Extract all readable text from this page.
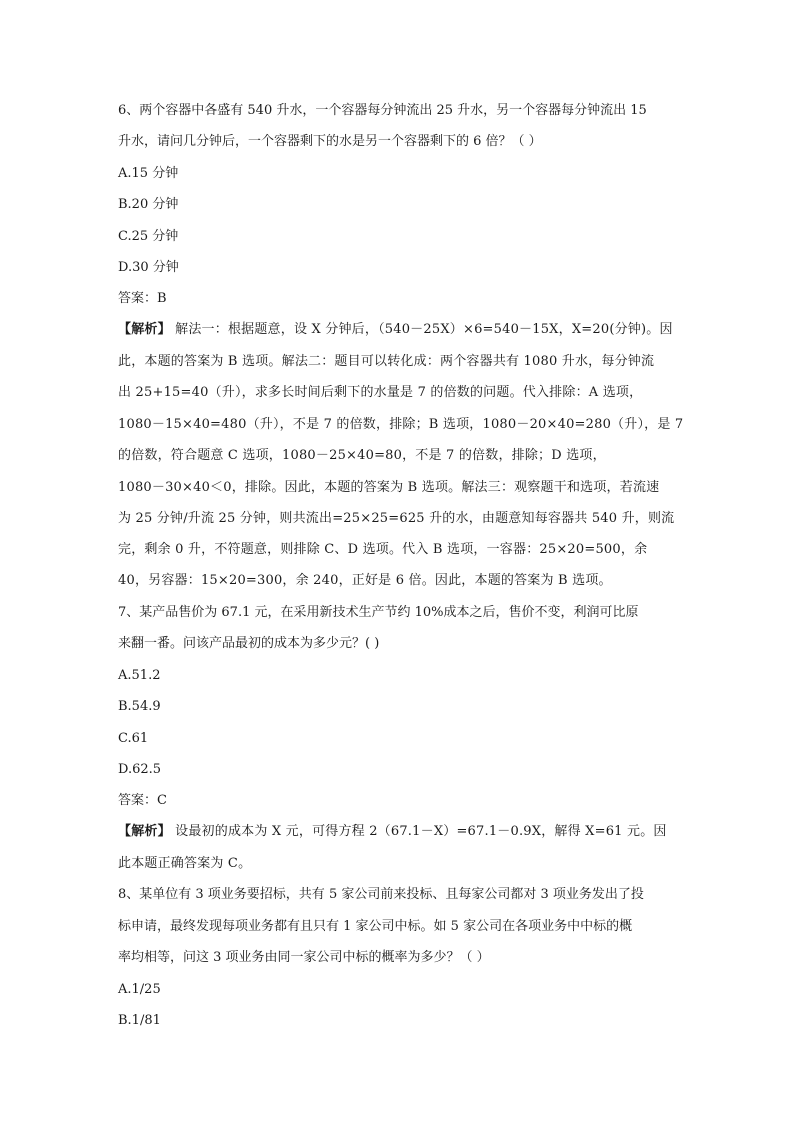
6、两个容器中各盛有 540 升水，一个容器每分钟流出 25 升水，另一个容器每分钟流出 15
升水，请问几分钟后，一个容器剩下的水是另一个容器剩下的 6 倍？（ ）
A.15 分钟
B.20 分钟
C.25 分钟
D.30 分钟
答案：B
【解析】 解法一：根据题意，设 X 分钟后，（540－25X）×6=540－15X，X=20(分钟)。因
此，本题的答案为 B 选项。解法二：题目可以转化成：两个容器共有 1080 升水，每分钟流
出 25+15=40（升），求多长时间后剩下的水量是 7 的倍数的问题。代入排除：A 选项，
1080－15×40=480（升），不是 7 的倍数，排除；B 选项，1080－20×40=280（升），是 7
的倍数，符合题意 C 选项，1080－25×40=80，不是 7 的倍数，排除；D 选项，
1080－30×40＜0，排除。因此，本题的答案为 B 选项。解法三：观察题干和选项，若流速
为 25 分钟/升流 25 分钟，则共流出=25×25=625 升的水，由题意知每容器共 540 升，则流
完，剩余 0 升，不符题意，则排除 C、D 选项。代入 B 选项，一容器：25×20=500，余
40，另容器：15×20=300，余 240，正好是 6 倍。因此，本题的答案为 B 选项。
7、某产品售价为 67.1 元，在采用新技术生产节约 10%成本之后，售价不变，利润可比原
来翻一番。问该产品最初的成本为多少元？( )
A.51.2
B.54.9
C.61
D.62.5
答案：C
【解析】 设最初的成本为 X 元，可得方程 2（67.1－X）=67.1－0.9X，解得 X=61 元。因
此本题正确答案为 C。
8、某单位有 3 项业务要招标，共有 5 家公司前来投标、且每家公司都对 3 项业务发出了投
标申请，最终发现每项业务都有且只有 1 家公司中标。如 5 家公司在各项业务中中标的概
率均相等，问这 3 项业务由同一家公司中标的概率为多少？（ ）
A.1/25
B.1/81
